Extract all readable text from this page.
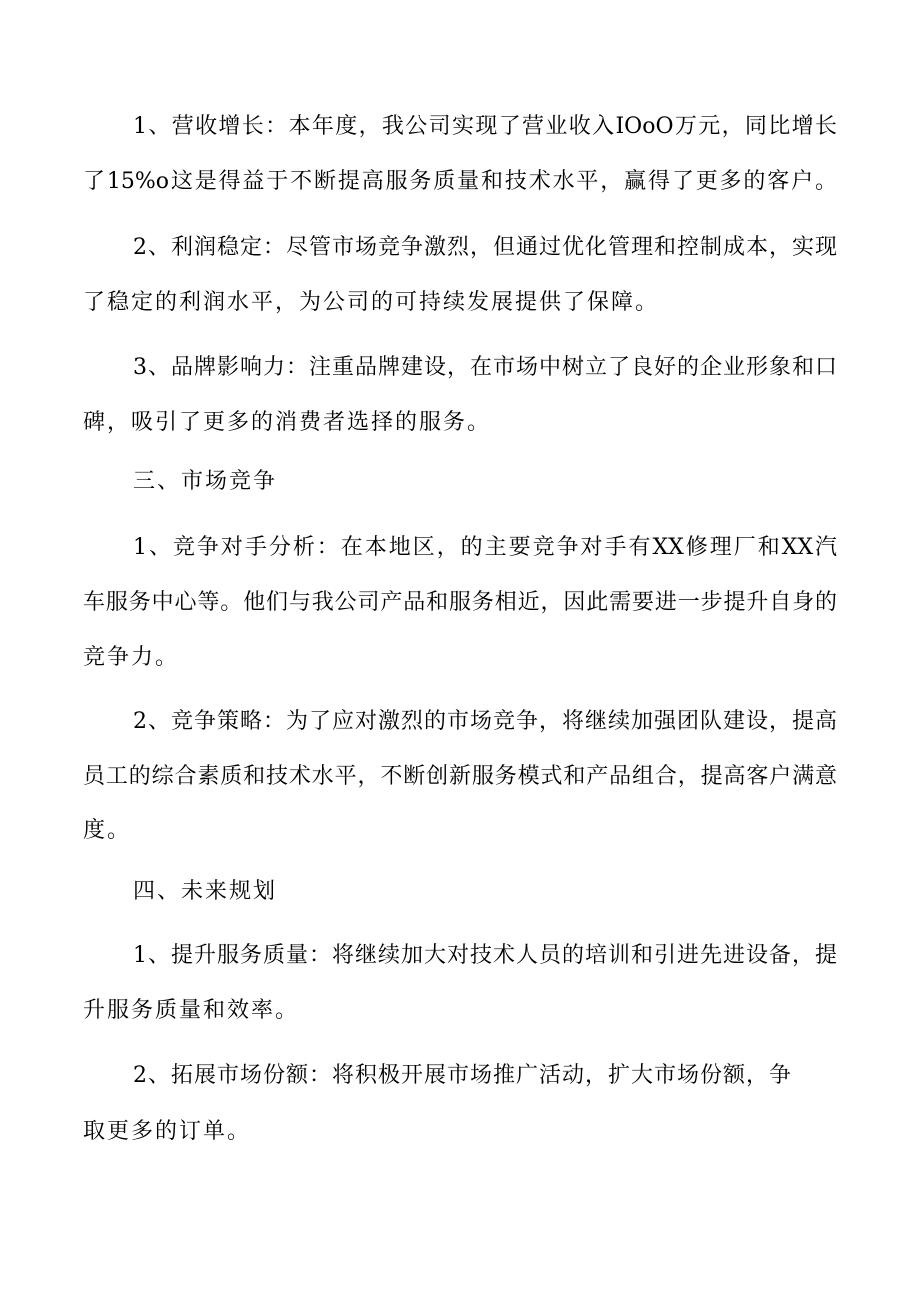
1、营收增长：本年度，我公司实现了营业收入IOoO万元，同比增长
了15%o这是得益于不断提高服务质量和技术水平，赢得了更多的客户。
2、利润稳定：尽管市场竞争激烈，但通过优化管理和控制成本，实现
了稳定的利润水平，为公司的可持续发展提供了保障。
3、品牌影响力：注重品牌建设，在市场中树立了良好的企业形象和口
碑，吸引了更多的消费者选择的服务。
三、市场竞争
1、竞争对手分析：在本地区，的主要竞争对手有XX修理厂和XX汽
车服务中心等。他们与我公司产品和服务相近，因此需要进一步提升自身的
竞争力。
2、竞争策略：为了应对激烈的市场竞争，将继续加强团队建设，提高
员工的综合素质和技术水平，不断创新服务模式和产品组合，提高客户满意
度。
四、未来规划
1、提升服务质量：将继续加大对技术人员的培训和引进先进设备，提
升服务质量和效率。
2、拓展市场份额：将积极开展市场推广活动，扩大市场份额，争
取更多的订单。
